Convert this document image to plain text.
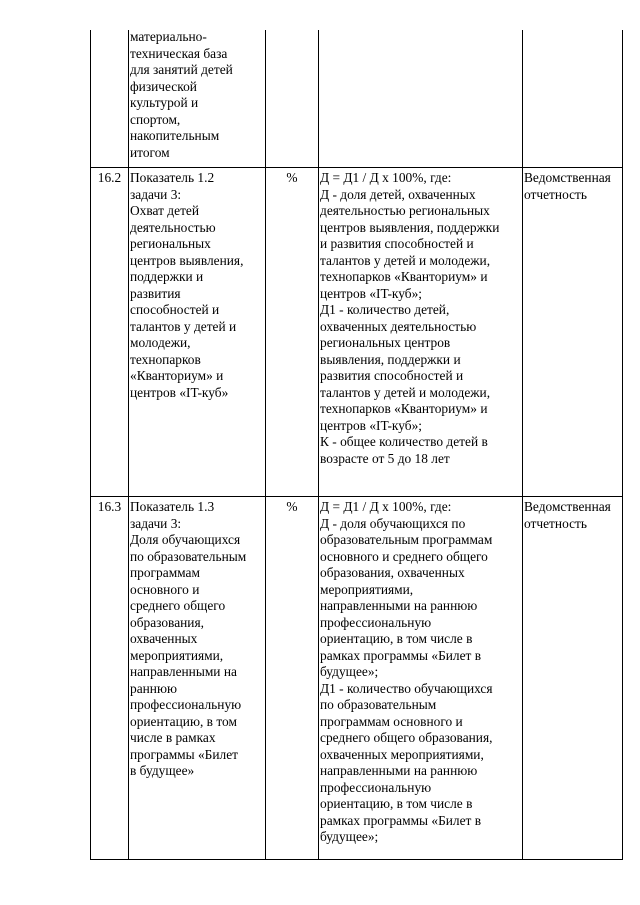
материально-

техническая база

для занятий детей

физической

культурой и

спортом,

накопительным

итогом

16.2 Показатель 1.2

задачи 3:

Охват детей

деятельностью

региональных

центров выявления,

поддержки и

развития

способностей и

талантов у детей и

молодежи,

технопарков

«Кванториум» и

центров «IT-куб»

%	Д = Д1 / Д х 100%, где:

Д - доля детей, охваченных

деятельностью региональных

центров выявления, поддержки

и развития способностей и

талантов у детей и молодежи,

технопарков «Кванториум» и

центров «IT-куб»;

Д1 - количество детей,

охваченных деятельностью

региональных центров

выявления, поддержки и

развития способностей и

талантов у детей и молодежи,

технопарков «Кванториум» и

центров «IT-куб»;

К - общее количество детей в

возрасте от 5 до 18 лет

Ведомственная

отчетность

16.3 Показатель 1.3

задачи 3:

Доля обучающихся

по образовательным

программам

основного и

среднего общего

образования,

охваченных

мероприятиями,

направленными на

раннюю

профессиональную

ориентацию, в том

числе в рамках

программы «Билет

в будущее»

%	Д = Д1 / Д х 100%, где:

Д - доля обучающихся по

образовательным программам

основного и среднего общего

образования, охваченных

мероприятиями,

направленными на раннюю

профессиональную

ориентацию, в том числе в

рамках программы «Билет в

будущее»;

Д1 - количество обучающихся

по образовательным

программам основного и

среднего общего образования,

охваченных мероприятиями,

направленными на раннюю

профессиональную

ориентацию, в том числе в

рамках программы «Билет в

будущее»;

Ведомственная

отчетность
